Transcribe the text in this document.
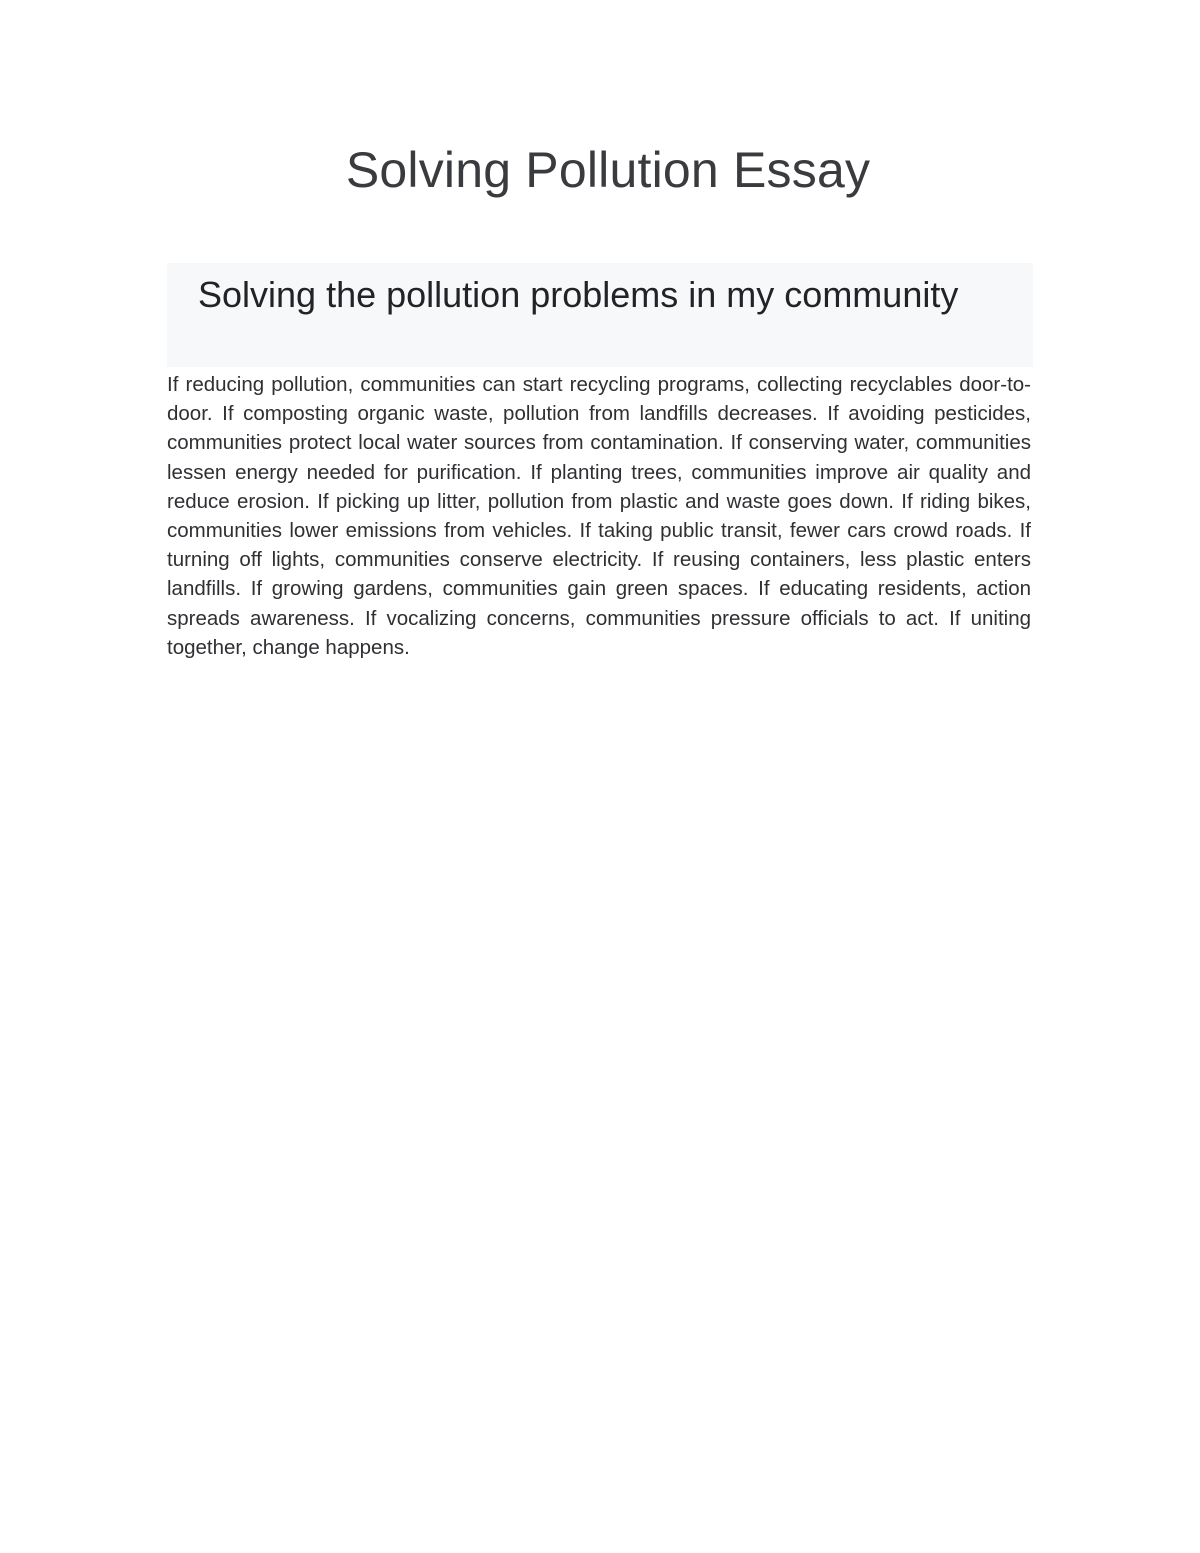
Solving Pollution Essay
Solving the pollution problems in my community

If reducing pollution, communities can start recycling programs, collecting recyclables door-to-door. If composting organic waste, pollution from landfills decreases. If avoiding pesticides, communities protect local water sources from contamination. If conserving water, communities lessen energy needed for purification. If planting trees, communities improve air quality and reduce erosion. If picking up litter, pollution from plastic and waste goes down. If riding bikes, communities lower emissions from vehicles. If taking public transit, fewer cars crowd roads. If turning off lights, communities conserve electricity. If reusing containers, less plastic enters landfills. If growing gardens, communities gain green spaces. If educating residents, action spreads awareness. If vocalizing concerns, communities pressure officials to act. If uniting together, change happens.
